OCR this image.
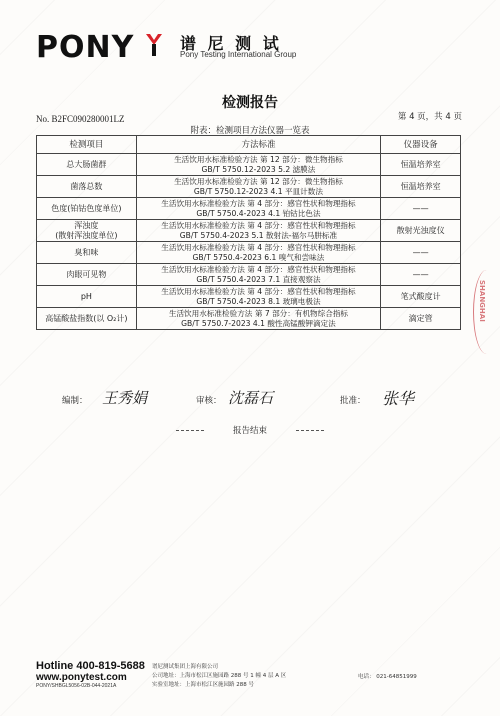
PONY	谱 尼 测 试
Pony Testing International Group
检测报告
第 4 页，共 4 页
No. B2FC090280001LZ
附表：检测项目方法仪器一览表
检测项目	方法标准	仪器设备
总大肠菌群	生活饮用水标准检验方法 第 12 部分：微生物指标
GB/T 5750.12-2023 5.2 滤膜法	恒温培养室
菌落总数	生活饮用水标准检验方法 第 12 部分：微生物指标
GB/T 5750.12-2023 4.1 平皿计数法	恒温培养室
色度(铂钴色度单位)	生活饮用水标准检验方法 第 4 部分：感官性状和物理指标
GB/T 5750.4-2023 4.1 铂钴比色法	——
浑浊度
(散射浑浊度单位)	生活饮用水标准检验方法 第 4 部分：感官性状和物理指标
GB/T 5750.4-2023 5.1 散射法-福尔马肼标准	散射光浊度仪
臭和味	生活饮用水标准检验方法 第 4 部分：感官性状和物理指标
GB/T 5750.4-2023 6.1 嗅气和尝味法	——
肉眼可见物	生活饮用水标准检验方法 第 4 部分：感官性状和物理指标
GB/T 5750.4-2023 7.1 直接观察法	——
pH	生活饮用水标准检验方法 第 4 部分：感官性状和物理指标
GB/T 5750.4-2023 8.1 玻璃电极法	笔式酸度计
高锰酸盐指数(以 O₂计)	生活饮用水标准检验方法 第 7 部分：有机物综合指标
GB/T 5750.7-2023 4.1 酸性高锰酸钾滴定法	滴定管	SHANGHAI
编制： 王秀娟	审核： 沈磊石	批准： 张华
报告结束
Hotline 400-819-5688
www.ponytest.com
PONY/SHBGL5056-02B-044-2021A
谱尼测试集团上海有限公司
公司地址：上海市松江区施园路 288 号 1 幢 4 层 A 区
实验室地址：上海市松江区施园路 288 号
电话： 021-64851999
